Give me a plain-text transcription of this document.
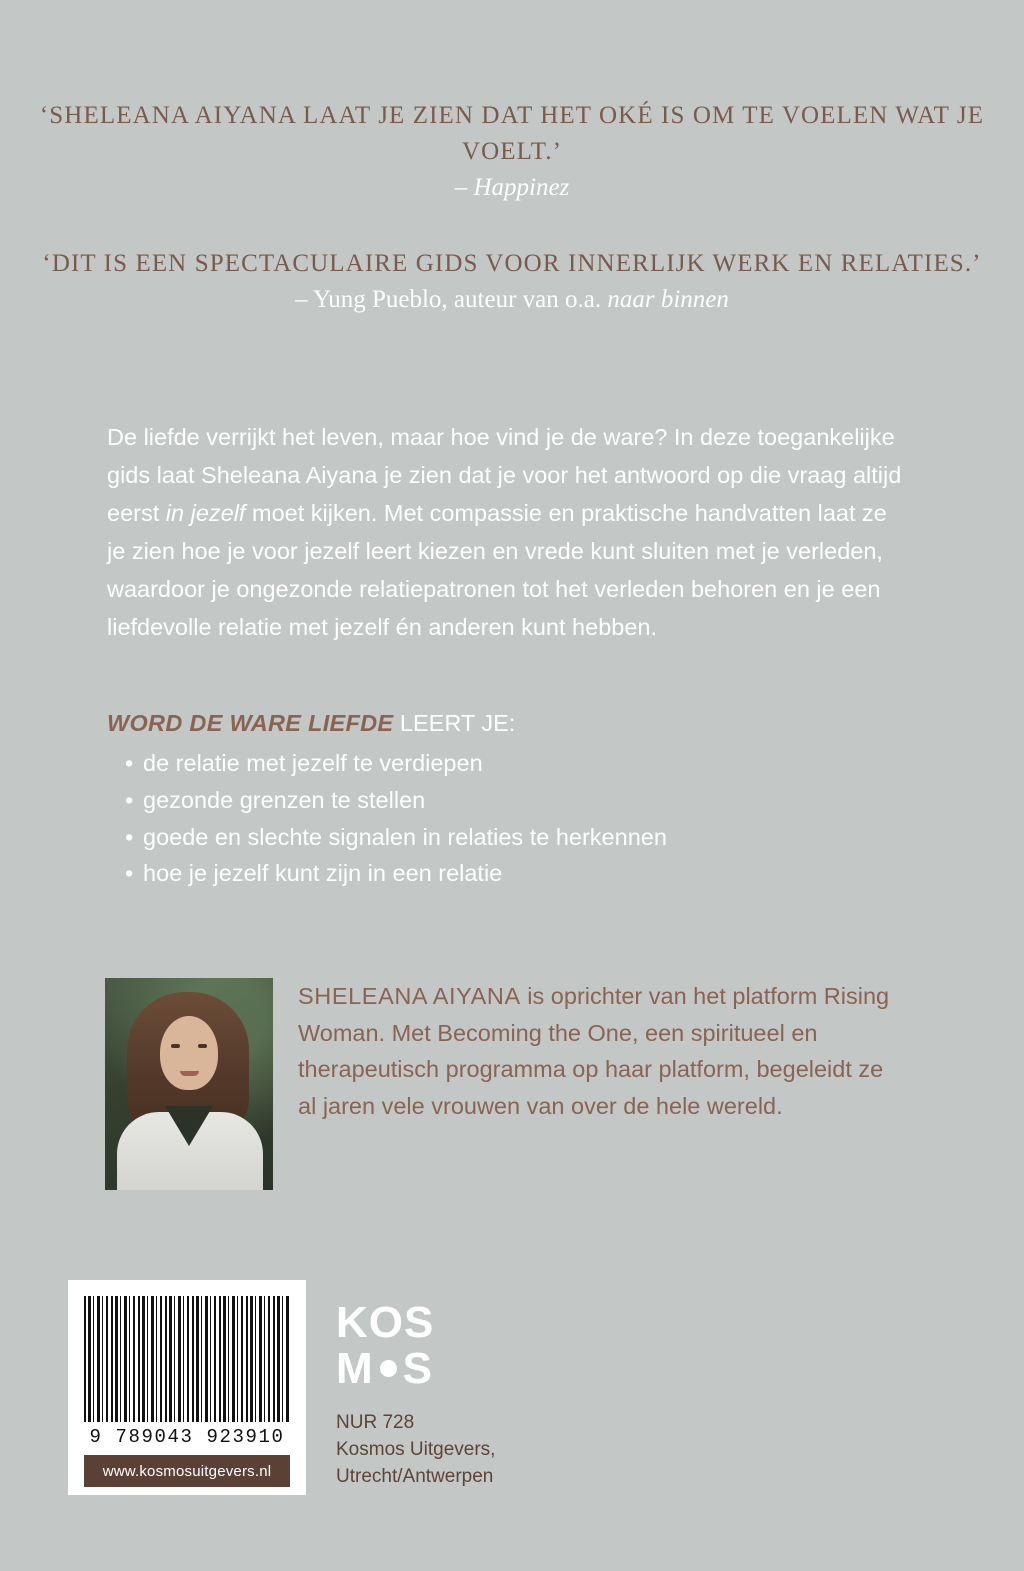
‘SHELEANA AIYANA LAAT JE ZIEN DAT HET OKÉ IS OM TE VOELEN WAT JE VOELT.’

– Happinez

‘DIT IS EEN SPECTACULAIRE GIDS VOOR INNERLIJK WERK EN RELATIES.’

– Yung Pueblo, auteur van o.a. naar binnen

De liefde verrijkt het leven, maar hoe vind je de ware? In deze toegankelijke gids laat Sheleana Aiyana je zien dat je voor het antwoord op die vraag altijd eerst in jezelf moet kijken. Met compassie en praktische handvatten laat ze je zien hoe je voor jezelf leert kiezen en vrede kunt sluiten met je verleden, waardoor je ongezonde relatiepatronen tot het verleden behoren en je een liefdevolle relatie met jezelf én anderen kunt hebben.

WORD DE WARE LIEFDE LEERT JE:

• de relatie met jezelf te verdiepen
• gezonde grenzen te stellen
• goede en slechte signalen in relaties te herkennen
• hoe je jezelf kunt zijn in een relatie
SHELEANA AIYANA is oprichter van het platform Rising Woman. Met Becoming the One, een spiritueel en therapeutisch programma op haar platform, begeleidt ze al jaren vele vrouwen van over de hele wereld.
9 789043 923910
www.kosmosuitgevers.nl
KOS
M S
NUR 728
Kosmos Uitgevers,
Utrecht/Antwerpen
